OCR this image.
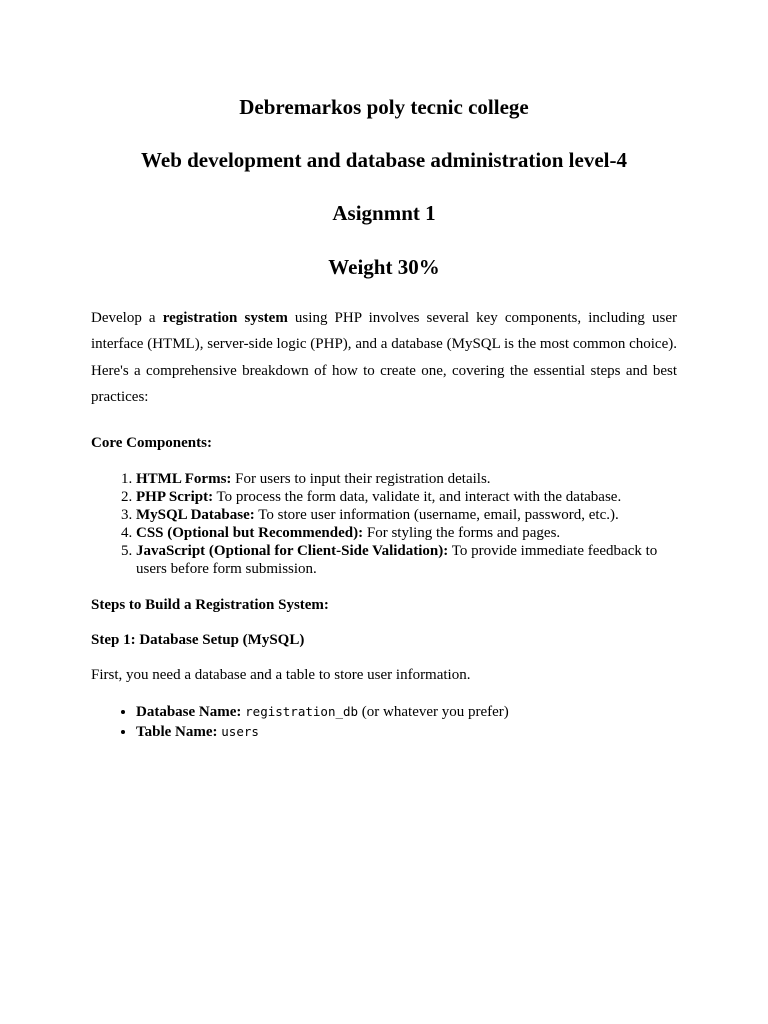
Debremarkos poly tecnic college
Web development and database administration level-4
Asignmnt 1
Weight 30%

Develop a registration system using PHP involves several key components, including user interface (HTML), server-side logic (PHP), and a database (MySQL is the most common choice). Here's a comprehensive breakdown of how to create one, covering the essential steps and best practices:

Core Components:

1. HTML Forms: For users to input their registration details.
2. PHP Script: To process the form data, validate it, and interact with the database.
3. MySQL Database: To store user information (username, email, password, etc.).
4. CSS (Optional but Recommended): For styling the forms and pages.
5. JavaScript (Optional for Client-Side Validation): To provide immediate feedback to users before form submission.

Steps to Build a Registration System:

Step 1: Database Setup (MySQL)

First, you need a database and a table to store user information.

• Database Name: registration_db (or whatever you prefer)
• Table Name: users
